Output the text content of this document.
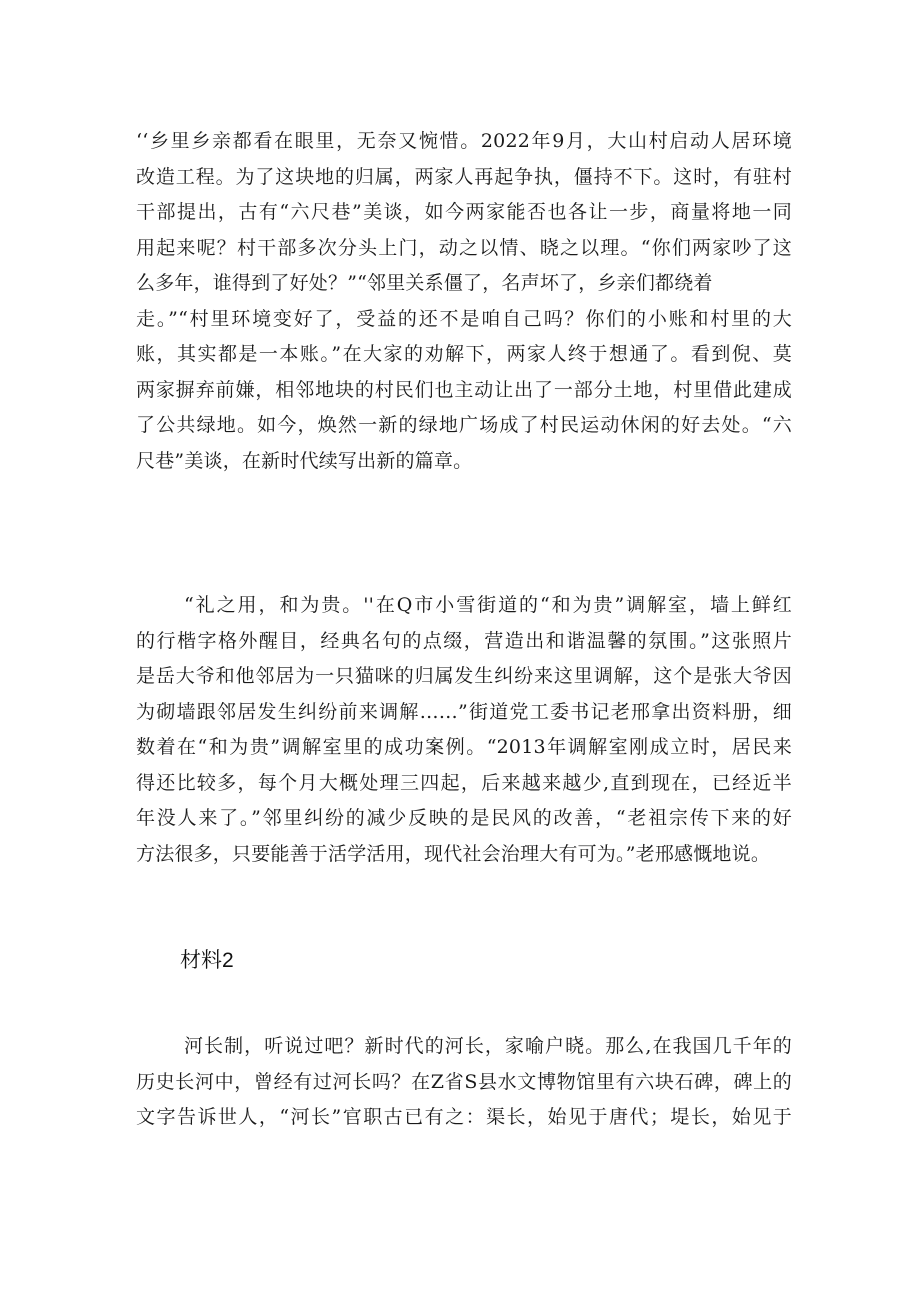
‘‘乡里乡亲都看在眼里，无奈又惋惜。2022年9月，大山村启动人居环境
改造工程。为了这块地的归属，两家人再起争执，僵持不下。这时，有驻村
干部提出，古有“六尺巷”美谈，如今两家能否也各让一步，商量将地一同
用起来呢？村干部多次分头上门，动之以情、晓之以理。“你们两家吵了这
么多年，谁得到了好处？”“邻里关系僵了，名声坏了，乡亲们都绕着
走。”“村里环境变好了，受益的还不是咱自己吗？你们的小账和村里的大
账，其实都是一本账。”在大家的劝解下，两家人终于想通了。看到倪、莫
两家摒弃前嫌，相邻地块的村民们也主动让出了一部分土地，村里借此建成
了公共绿地。如今，焕然一新的绿地广场成了村民运动休闲的好去处。“六
尺巷”美谈，在新时代续写出新的篇章。
“礼之用，和为贵。''在Q市小雪街道的“和为贵”调解室，墙上鲜红
的行楷字格外醒目，经典名句的点缀，营造出和谐温馨的氛围。”这张照片
是岳大爷和他邻居为一只猫咪的归属发生纠纷来这里调解，这个是张大爷因
为砌墙跟邻居发生纠纷前来调解……”街道党工委书记老邢拿出资料册，细
数着在“和为贵”调解室里的成功案例。“2013年调解室刚成立时，居民来
得还比较多，每个月大概处理三四起，后来越来越少,直到现在，已经近半
年没人来了。”邻里纠纷的减少反映的是民风的改善，“老祖宗传下来的好
方法很多，只要能善于活学活用，现代社会治理大有可为。”老邢感慨地说。
材料2
河长制，听说过吧？新时代的河长，家喻户晓。那么,在我国几千年的
历史长河中，曾经有过河长吗？在Z省S县水文博物馆里有六块石碑，碑上的
文字告诉世人，“河长”官职古已有之：渠长，始见于唐代；堤长，始见于
